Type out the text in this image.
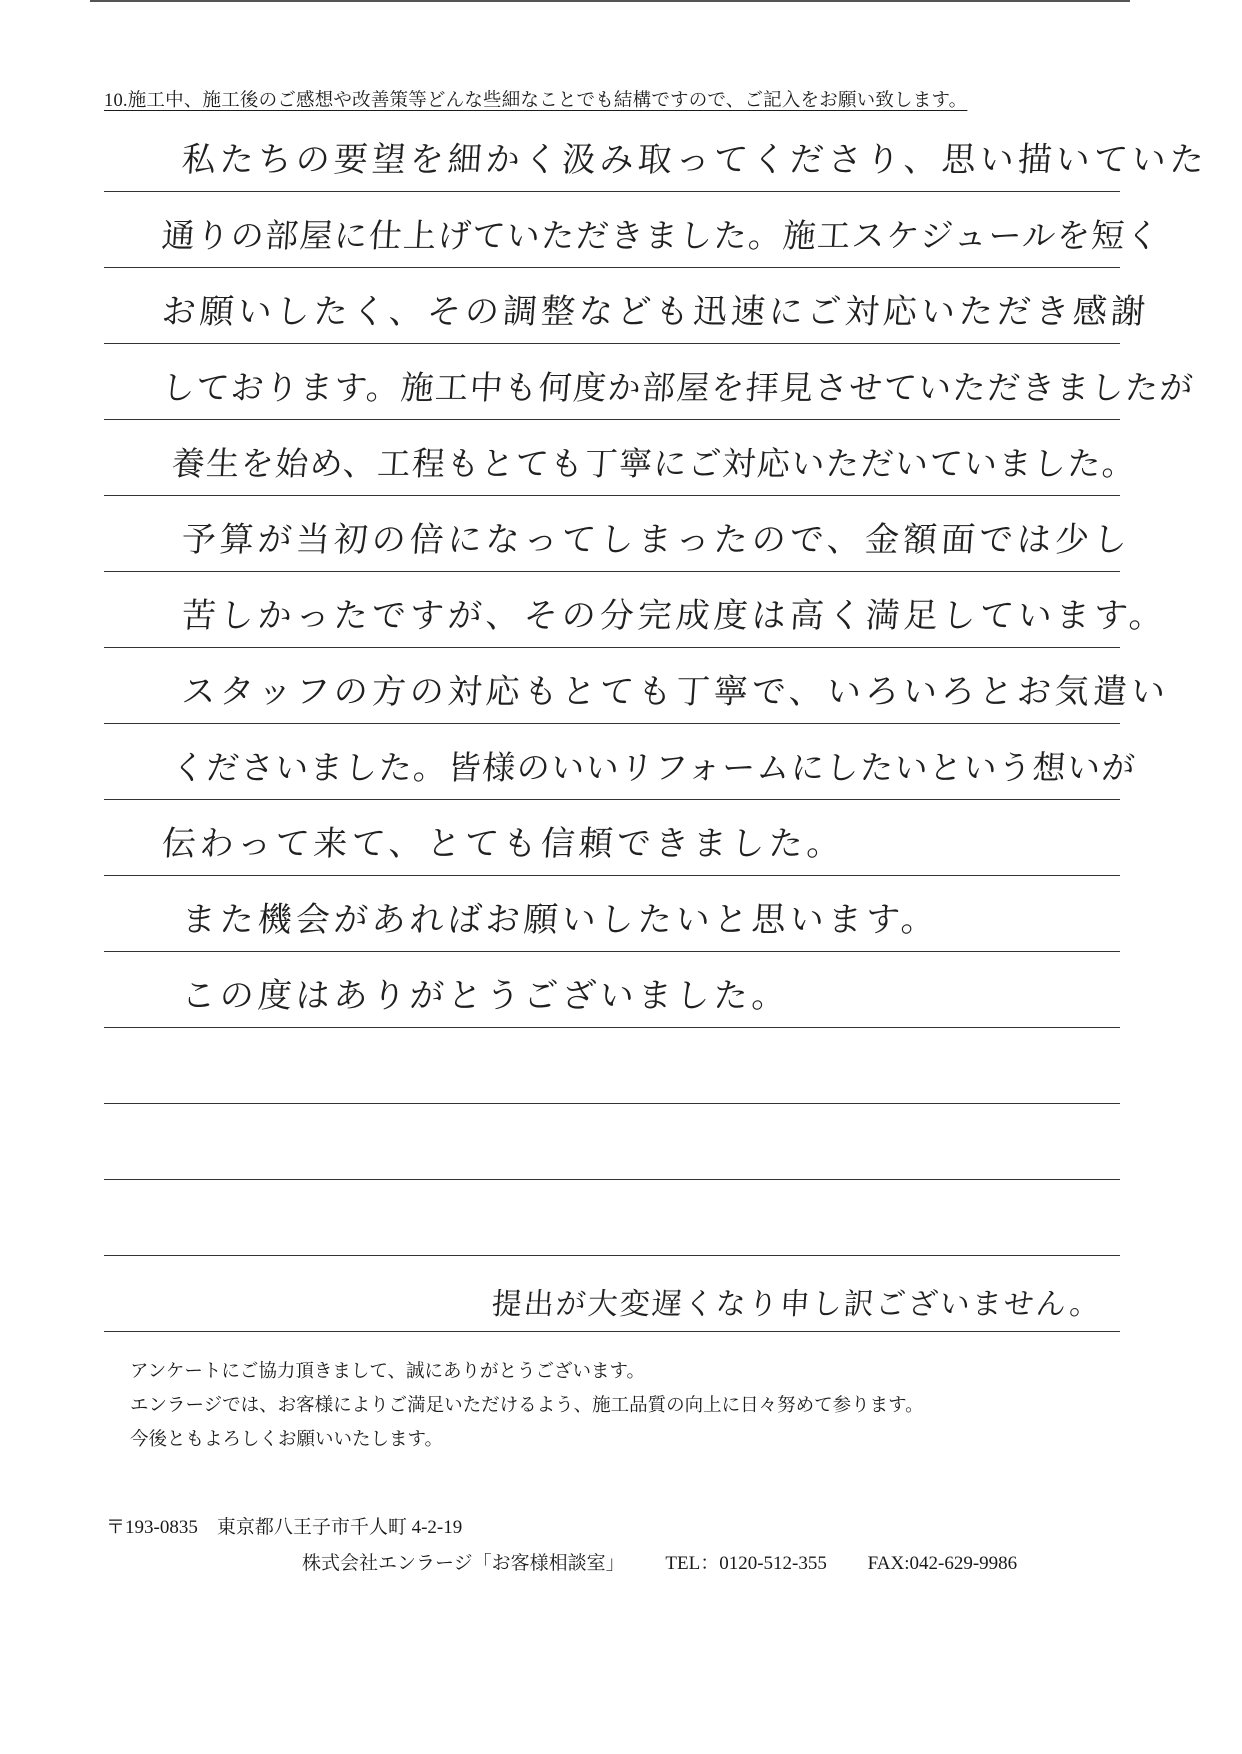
10.施工中、施工後のご感想や改善策等どんな些細なことでも結構ですので、ご記入をお願い致します。
私たちの要望を細かく汲み取ってくださり、思い描いていた
通りの部屋に仕上げていただきました。施工スケジュールを短く
お願いしたく、その調整なども迅速にご対応いただき感謝
しております。施工中も何度か部屋を拝見させていただきましたが
養生を始め、工程もとても丁寧にご対応いただいていました。
予算が当初の倍になってしまったので、金額面では少し
苦しかったですが、その分完成度は高く満足しています。
スタッフの方の対応もとても丁寧で、いろいろとお気遣い
くださいました。皆様のいいリフォームにしたいという想いが
伝わって来て、とても信頼できました。
また機会があればお願いしたいと思います。
この度はありがとうございました。
提出が大変遅くなり申し訳ございません。
アンケートにご協力頂きまして、誠にありがとうございます。
エンラージでは、お客様によりご満足いただけるよう、施工品質の向上に日々努めて参ります。
今後ともよろしくお願いいたします。
〒193-0835　東京都八王子市千人町 4-2-19
株式会社エンラージ「お客様相談室」 TEL：0120-512-355 FAX:042-629-9986
